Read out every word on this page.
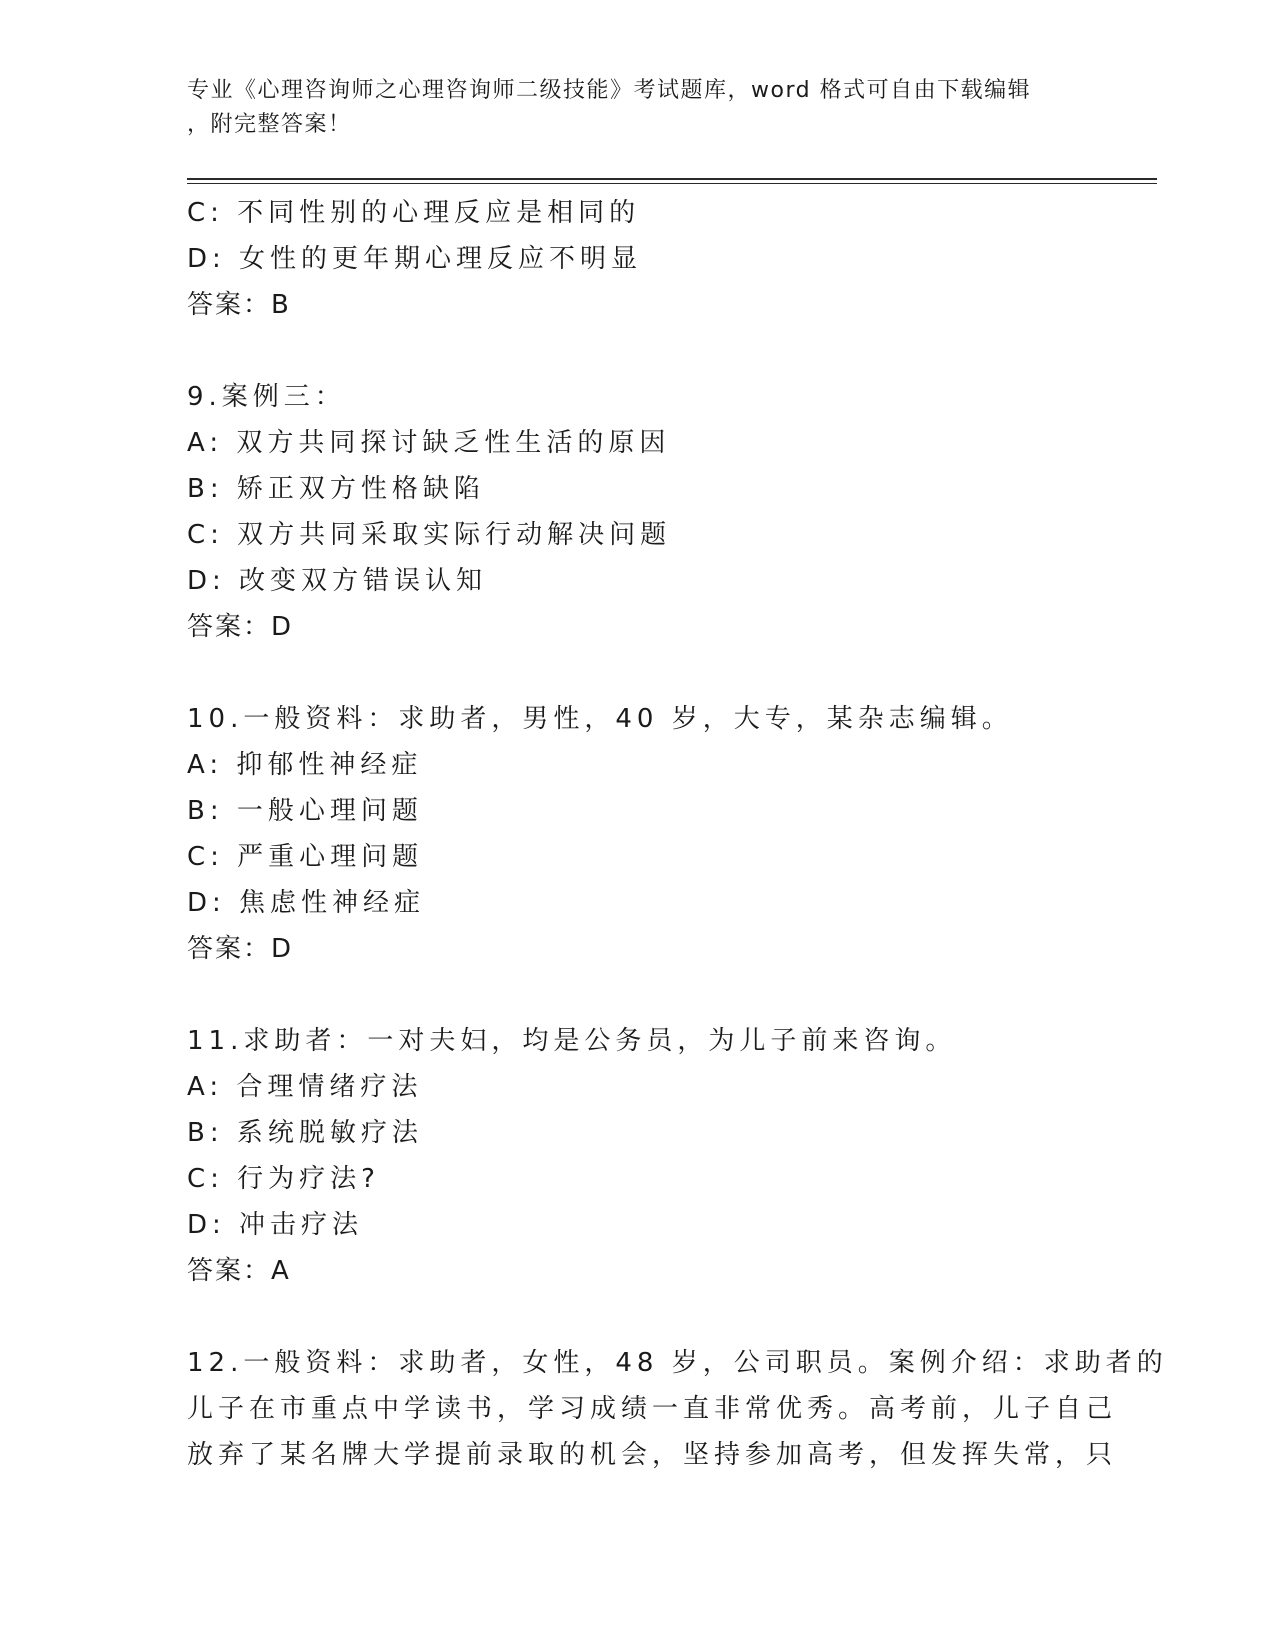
专业《心理咨询师之心理咨询师二级技能》考试题库，word 格式可自由下载编辑
，附完整答案！
C: 不同性别的心理反应是相同的
D: 女性的更年期心理反应不明显
答案：B
9.案例三：
A: 双方共同探讨缺乏性生活的原因
B: 矫正双方性格缺陷
C: 双方共同采取实际行动解决问题
D: 改变双方错误认知
答案：D
10.一般资料：求助者，男性，40 岁，大专，某杂志编辑。
A: 抑郁性神经症
B: 一般心理问题
C: 严重心理问题
D: 焦虑性神经症
答案：D
11.求助者：一对夫妇，均是公务员，为儿子前来咨询。
A: 合理情绪疗法
B: 系统脱敏疗法
C: 行为疗法?
D: 冲击疗法
答案：A
12.一般资料：求助者，女性，48 岁，公司职员。案例介绍：求助者的
儿子在市重点中学读书，学习成绩一直非常优秀。高考前，儿子自己
放弃了某名牌大学提前录取的机会，坚持参加高考，但发挥失常，只
